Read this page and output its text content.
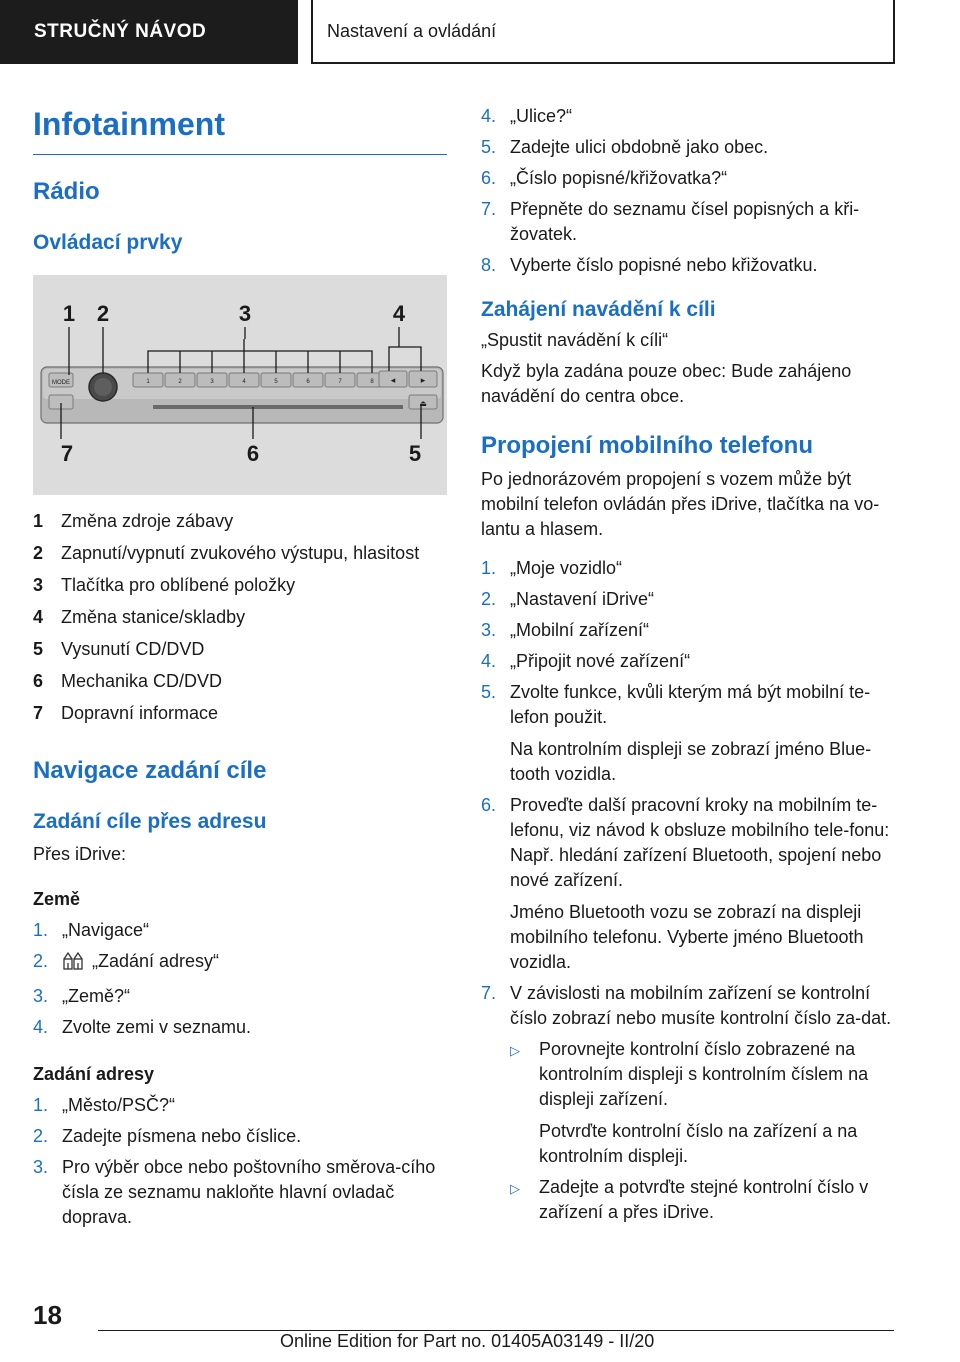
STRUČNÝ NÁVOD	Nastavení a ovládání
Infotainment
Rádio
Ovládací prvky
MODE	1	2	3	4	5	6	7	8 ◂	▸
⏏
1 2	3	4
7	6	5
1 Změna zdroje zábavy
2 Zapnutí/vypnutí zvukového výstupu, hlasitost
3 Tlačítka pro oblíbené položky
4 Změna stanice/skladby
5 Vysunutí CD/DVD
6 Mechanika CD/DVD
7 Dopravní informace
Navigace zadání cíle
Zadání cíle přes adresu

Přes iDrive:

Země
1. „Navigace“
2.	„Zadání adresy“
3. „Země?“
4. Zvolte zemi v seznamu.
Zadání adresy
1. „Město/PSČ?“
2. Zadejte písmena nebo číslice.
3. Pro výběr obce nebo poštovního směrova-cího čísla ze seznamu nakloňte hlavní ovladač doprava.
4. „Ulice?“
5. Zadejte ulici obdobně jako obec.
6. „Číslo popisné/křižovatka?“
7. Přepněte do seznamu čísel popisných a kři-žovatek.
8. Vyberte číslo popisné nebo křižovatku.
Zahájení navádění k cíli

„Spustit navádění k cíli“

Když byla zadána pouze obec: Bude zahájeno navádění do centra obce.

Propojení mobilního telefonu

Po jednorázovém propojení s vozem může být mobilní telefon ovládán přes iDrive, tlačítka na vo-lantu a hlasem.

1. „Moje vozidlo“
2. „Nastavení iDrive“
3. „Mobilní zařízení“
4. „Připojit nové zařízení“
5. Zvolte funkce, kvůli kterým má být mobilní te-lefon použit.
Na kontrolním displeji se zobrazí jméno Blue-tooth vozidla.
6. Proveďte další pracovní kroky na mobilním te-lefonu, viz návod k obsluze mobilního tele-fonu: Např. hledání zařízení Bluetooth, spojení nebo nové zařízení.
Jméno Bluetooth vozu se zobrazí na displeji mobilního telefonu. Vyberte jméno Bluetooth vozidla.
7. V závislosti na mobilním zařízení se kontrolní číslo zobrazí nebo musíte kontrolní číslo za-dat.
▷	Porovnejte kontrolní číslo zobrazené na kontrolním displeji s kontrolním číslem na displeji zařízení.
Potvrďte kontrolní číslo na zařízení a na kontrolním displeji.
▷	Zadejte a potvrďte stejné kontrolní číslo v zařízení a přes iDrive.
18
Online Edition for Part no. 01405A03149 - II/20
